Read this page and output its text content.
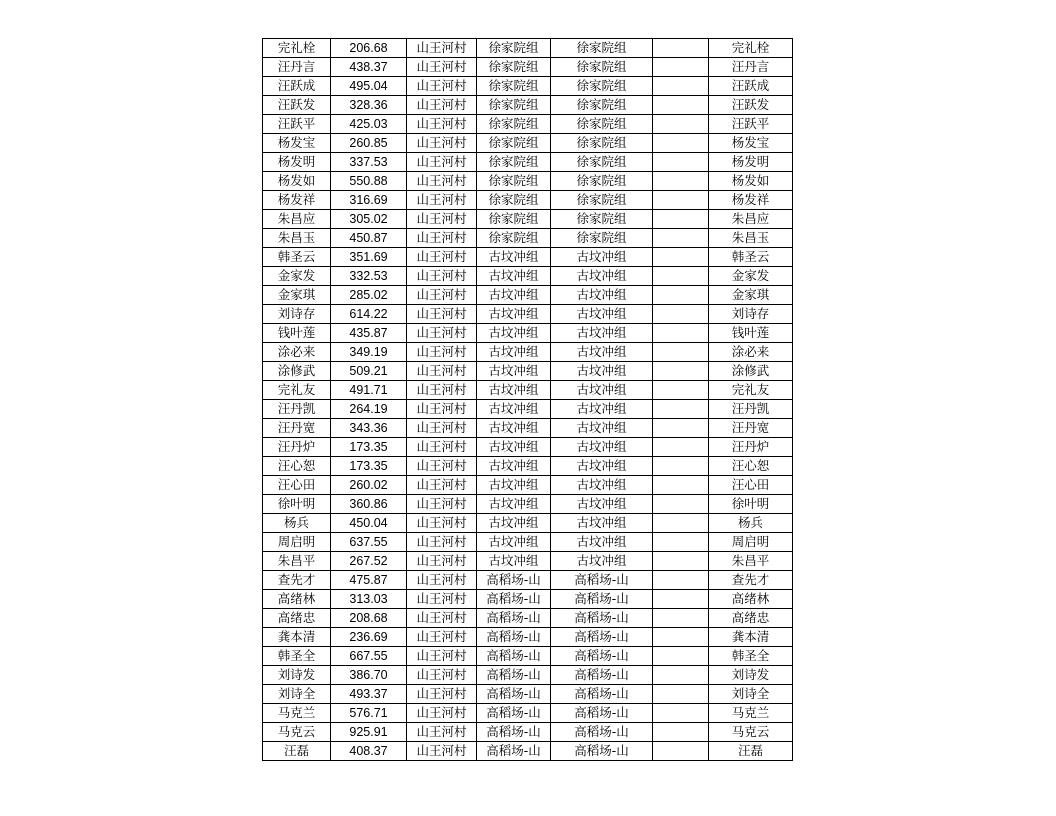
完礼栓	206.68	山王河村	徐家院组	徐家院组		完礼栓
汪丹言	438.37	山王河村	徐家院组	徐家院组		汪丹言
汪跃成	495.04	山王河村	徐家院组	徐家院组		汪跃成
汪跃发	328.36	山王河村	徐家院组	徐家院组		汪跃发
汪跃平	425.03	山王河村	徐家院组	徐家院组		汪跃平
杨发宝	260.85	山王河村	徐家院组	徐家院组		杨发宝
杨发明	337.53	山王河村	徐家院组	徐家院组		杨发明
杨发如	550.88	山王河村	徐家院组	徐家院组		杨发如
杨发祥	316.69	山王河村	徐家院组	徐家院组		杨发祥
朱昌应	305.02	山王河村	徐家院组	徐家院组		朱昌应
朱昌玉	450.87	山王河村	徐家院组	徐家院组		朱昌玉
韩圣云	351.69	山王河村	古坟冲组	古坟冲组		韩圣云
金家发	332.53	山王河村	古坟冲组	古坟冲组		金家发
金家琪	285.02	山王河村	古坟冲组	古坟冲组		金家琪
刘诗存	614.22	山王河村	古坟冲组	古坟冲组		刘诗存
钱叶莲	435.87	山王河村	古坟冲组	古坟冲组		钱叶莲
涂必来	349.19	山王河村	古坟冲组	古坟冲组		涂必来
涂修武	509.21	山王河村	古坟冲组	古坟冲组		涂修武
完礼友	491.71	山王河村	古坟冲组	古坟冲组		完礼友
汪丹凯	264.19	山王河村	古坟冲组	古坟冲组		汪丹凯
汪丹宽	343.36	山王河村	古坟冲组	古坟冲组		汪丹宽
汪丹炉	173.35	山王河村	古坟冲组	古坟冲组		汪丹炉
汪心恕	173.35	山王河村	古坟冲组	古坟冲组		汪心恕
汪心田	260.02	山王河村	古坟冲组	古坟冲组		汪心田
徐叶明	360.86	山王河村	古坟冲组	古坟冲组		徐叶明
杨兵	450.04	山王河村	古坟冲组	古坟冲组		杨兵
周启明	637.55	山王河村	古坟冲组	古坟冲组		周启明
朱昌平	267.52	山王河村	古坟冲组	古坟冲组		朱昌平
查先才	475.87	山王河村	高稻场-山	高稻场-山		查先才
高绪林	313.03	山王河村	高稻场-山	高稻场-山		高绪林
高绪忠	208.68	山王河村	高稻场-山	高稻场-山		高绪忠
龚本清	236.69	山王河村	高稻场-山	高稻场-山		龚本清
韩圣全	667.55	山王河村	高稻场-山	高稻场-山		韩圣全
刘诗发	386.70	山王河村	高稻场-山	高稻场-山		刘诗发
刘诗全	493.37	山王河村	高稻场-山	高稻场-山		刘诗全
马克兰	576.71	山王河村	高稻场-山	高稻场-山		马克兰
马克云	925.91	山王河村	高稻场-山	高稻场-山		马克云
汪磊	408.37	山王河村	高稻场-山	高稻场-山		汪磊
